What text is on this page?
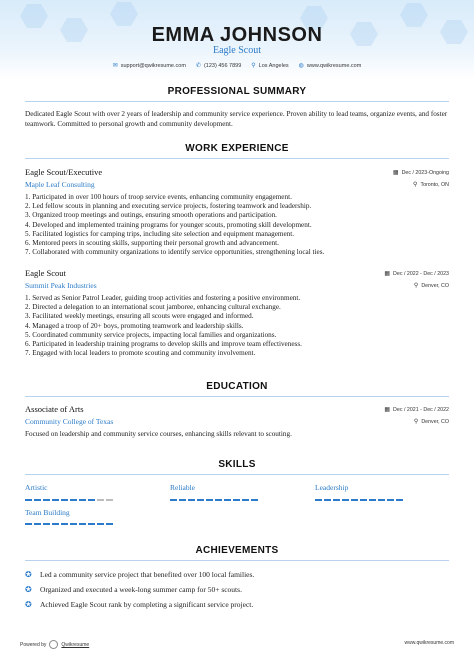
EMMA JOHNSON
Eagle Scout
✉ support@qwikresume.com ✆ (123) 456 7899 ⚲ Los Angeles ◍ www.qwikresume.com
PROFESSIONAL SUMMARY
Dedicated Eagle Scout with over 2 years of leadership and community service experience. Proven ability to lead teams, organize events, and foster teamwork. Committed to personal growth and community development.
WORK EXPERIENCE
Eagle Scout/Executive	▦ Dec / 2023-Ongoing
Maple Leaf Consulting	⚲ Toronto, ON
1. Participated in over 100 hours of troop service events, enhancing community engagement.
2. Led fellow scouts in planning and executing service projects, fostering teamwork and leadership.
3. Organized troop meetings and outings, ensuring smooth operations and participation.
4. Developed and implemented training programs for younger scouts, promoting skill development.
5. Facilitated logistics for camping trips, including site selection and equipment management.
6. Mentored peers in scouting skills, supporting their personal growth and advancement.
7. Collaborated with community organizations to identify service opportunities, strengthening local ties.
Eagle Scout	▦ Dec / 2022 - Dec / 2023
Summit Peak Industries	⚲ Denver, CO
1. Served as Senior Patrol Leader, guiding troop activities and fostering a positive environment.
2. Directed a delegation to an international scout jamboree, enhancing cultural exchange.
3. Facilitated weekly meetings, ensuring all scouts were engaged and informed.
4. Managed a troop of 20+ boys, promoting teamwork and leadership skills.
5. Coordinated community service projects, impacting local families and organizations.
6. Participated in leadership training programs to develop skills and improve team effectiveness.
7. Engaged with local leaders to promote scouting and community involvement.
EDUCATION
Associate of Arts	▦ Dec / 2021 - Dec / 2022
Community College of Texas	⚲ Denver, CO
Focused on leadership and community service courses, enhancing skills relevant to scouting.
SKILLS
Artistic	Reliable	Leadership
Team Building
ACHIEVEMENTS
✪	Led a community service project that benefited over 100 local families.
✪	Organized and executed a week-long summer camp for 50+ scouts.
✪	Achieved Eagle Scout rank by completing a significant service project.
Powered by	Qwikresume	www.qwikresume.com
